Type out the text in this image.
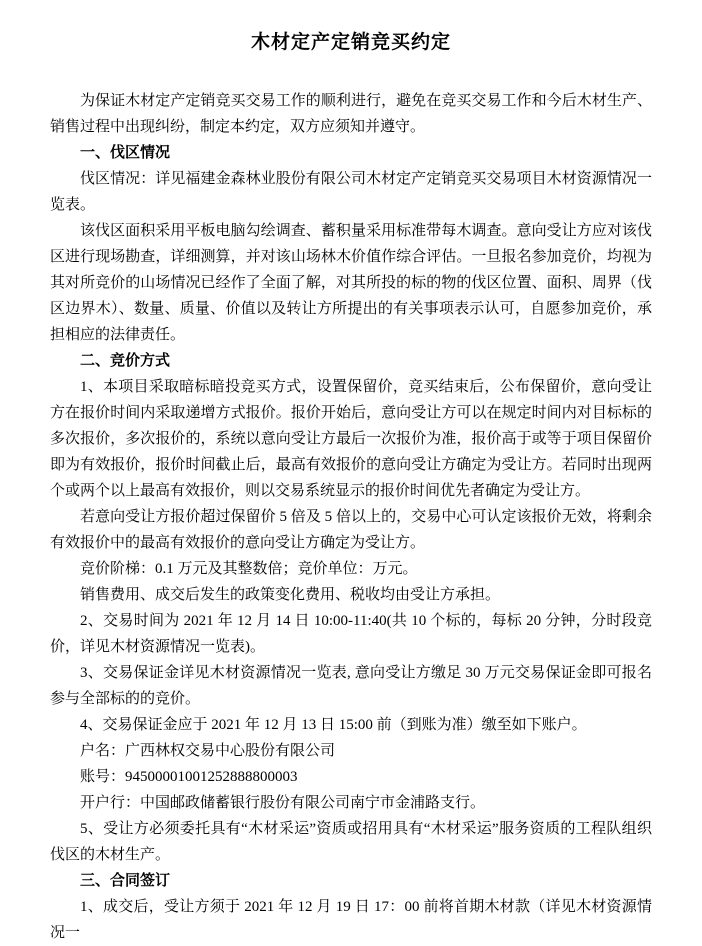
木材定产定销竞买约定

为保证木材定产定销竞买交易工作的顺利进行，避免在竞买交易工作和今后木材生产、销售过程中出现纠纷，制定本约定，双方应须知并遵守。

一、伐区情况

伐区情况：详见福建金森林业股份有限公司木材定产定销竞买交易项目木材资源情况一览表。

该伐区面积采用平板电脑勾绘调查、蓄积量采用标准带每木调查。意向受让方应对该伐区进行现场勘查，详细测算，并对该山场林木价值作综合评估。一旦报名参加竞价，均视为其对所竞价的山场情况已经作了全面了解，对其所投的标的物的伐区位置、面积、周界（伐区边界木）、数量、质量、价值以及转让方所提出的有关事项表示认可，自愿参加竞价，承担相应的法律责任。

二、竞价方式

1、本项目采取暗标暗投竞买方式，设置保留价，竞买结束后，公布保留价，意向受让方在报价时间内采取递增方式报价。报价开始后，意向受让方可以在规定时间内对目标标的多次报价，多次报价的，系统以意向受让方最后一次报价为准，报价高于或等于项目保留价即为有效报价，报价时间截止后，最高有效报价的意向受让方确定为受让方。若同时出现两个或两个以上最高有效报价，则以交易系统显示的报价时间优先者确定为受让方。

若意向受让方报价超过保留价 5 倍及 5 倍以上的，交易中心可认定该报价无效，将剩余有效报价中的最高有效报价的意向受让方确定为受让方。

竞价阶梯：0.1 万元及其整数倍；竞价单位：万元。

销售费用、成交后发生的政策变化费用、税收均由受让方承担。

2、交易时间为 2021 年 12 月 14 日 10:00-11:40(共 10 个标的，每标 20 分钟，分时段竞价，详见木材资源情况一览表)。

3、交易保证金详见木材资源情况一览表, 意向受让方缴足 30 万元交易保证金即可报名参与全部标的的竞价。

4、交易保证金应于 2021 年 12 月 13 日 15:00 前（到账为准）缴至如下账户。

户名：广西林权交易中心股份有限公司

账号：94500001001252888800003

开户行：中国邮政储蓄银行股份有限公司南宁市金浦路支行。

5、受让方必须委托具有“木材采运”资质或招用具有“木材采运”服务资质的工程队组织伐区的木材生产。

三、合同签订

1、成交后，受让方须于 2021 年 12 月 19 日 17：00 前将首期木材款（详见木材资源情况一
